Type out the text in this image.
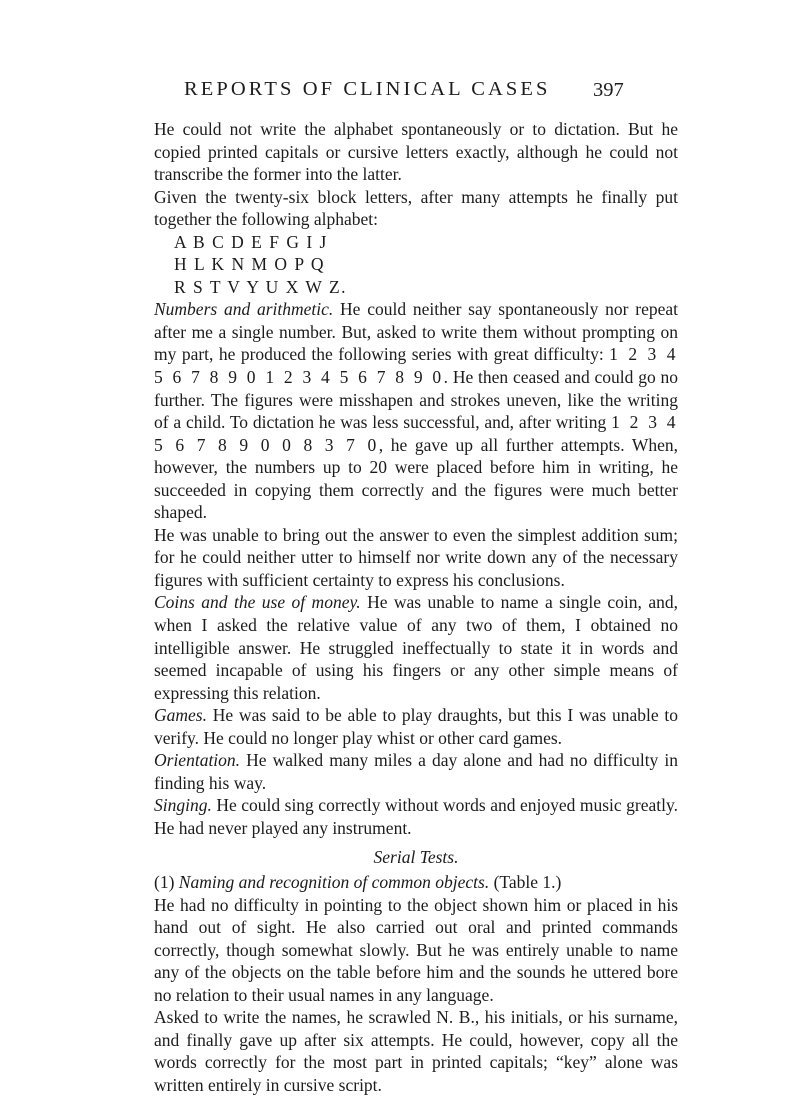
REPORTS OF CLINICAL CASES 397

He could not write the alphabet spontaneously or to dictation. But he copied printed capitals or cursive letters exactly, although he could not transcribe the former into the latter.

Given the twenty-six block letters, after many attempts he finally put together the following alphabet:

A B C D E F G I J

H L K N M O P Q

R S T V Y U X W Z.

Numbers and arithmetic. He could neither say spontaneously nor repeat after me a single number. But, asked to write them without prompting on my part, he produced the following series with great difficulty: 1 2 3 4 5 6 7 8 9 0 1 2 3 4 5 6 7 8 9 0. He then ceased and could go no further. The figures were misshapen and strokes uneven, like the writing of a child. To dictation he was less successful, and, after writing 1 2 3 4 5 6 7 8 9 0 0 8 3 7 0, he gave up all further attempts. When, however, the numbers up to 20 were placed before him in writing, he succeeded in copying them correctly and the figures were much better shaped.

He was unable to bring out the answer to even the simplest addition sum; for he could neither utter to himself nor write down any of the necessary figures with sufficient certainty to express his conclusions.

Coins and the use of money. He was unable to name a single coin, and, when I asked the relative value of any two of them, I obtained no intelligible answer. He struggled ineffectually to state it in words and seemed incapable of using his fingers or any other simple means of expressing this relation.

Games. He was said to be able to play draughts, but this I was unable to verify. He could no longer play whist or other card games.

Orientation. He walked many miles a day alone and had no difficulty in finding his way.

Singing. He could sing correctly without words and enjoyed music greatly. He had never played any instrument.

Serial Tests.

(1) Naming and recognition of common objects. (Table 1.)

He had no difficulty in pointing to the object shown him or placed in his hand out of sight. He also carried out oral and printed commands correctly, though somewhat slowly. But he was entirely unable to name any of the objects on the table before him and the sounds he uttered bore no relation to their usual names in any language.

Asked to write the names, he scrawled N. B., his initials, or his surname, and finally gave up after six attempts. He could, however, copy all the words correctly for the most part in printed capitals; “key” alone was written entirely in cursive script.
